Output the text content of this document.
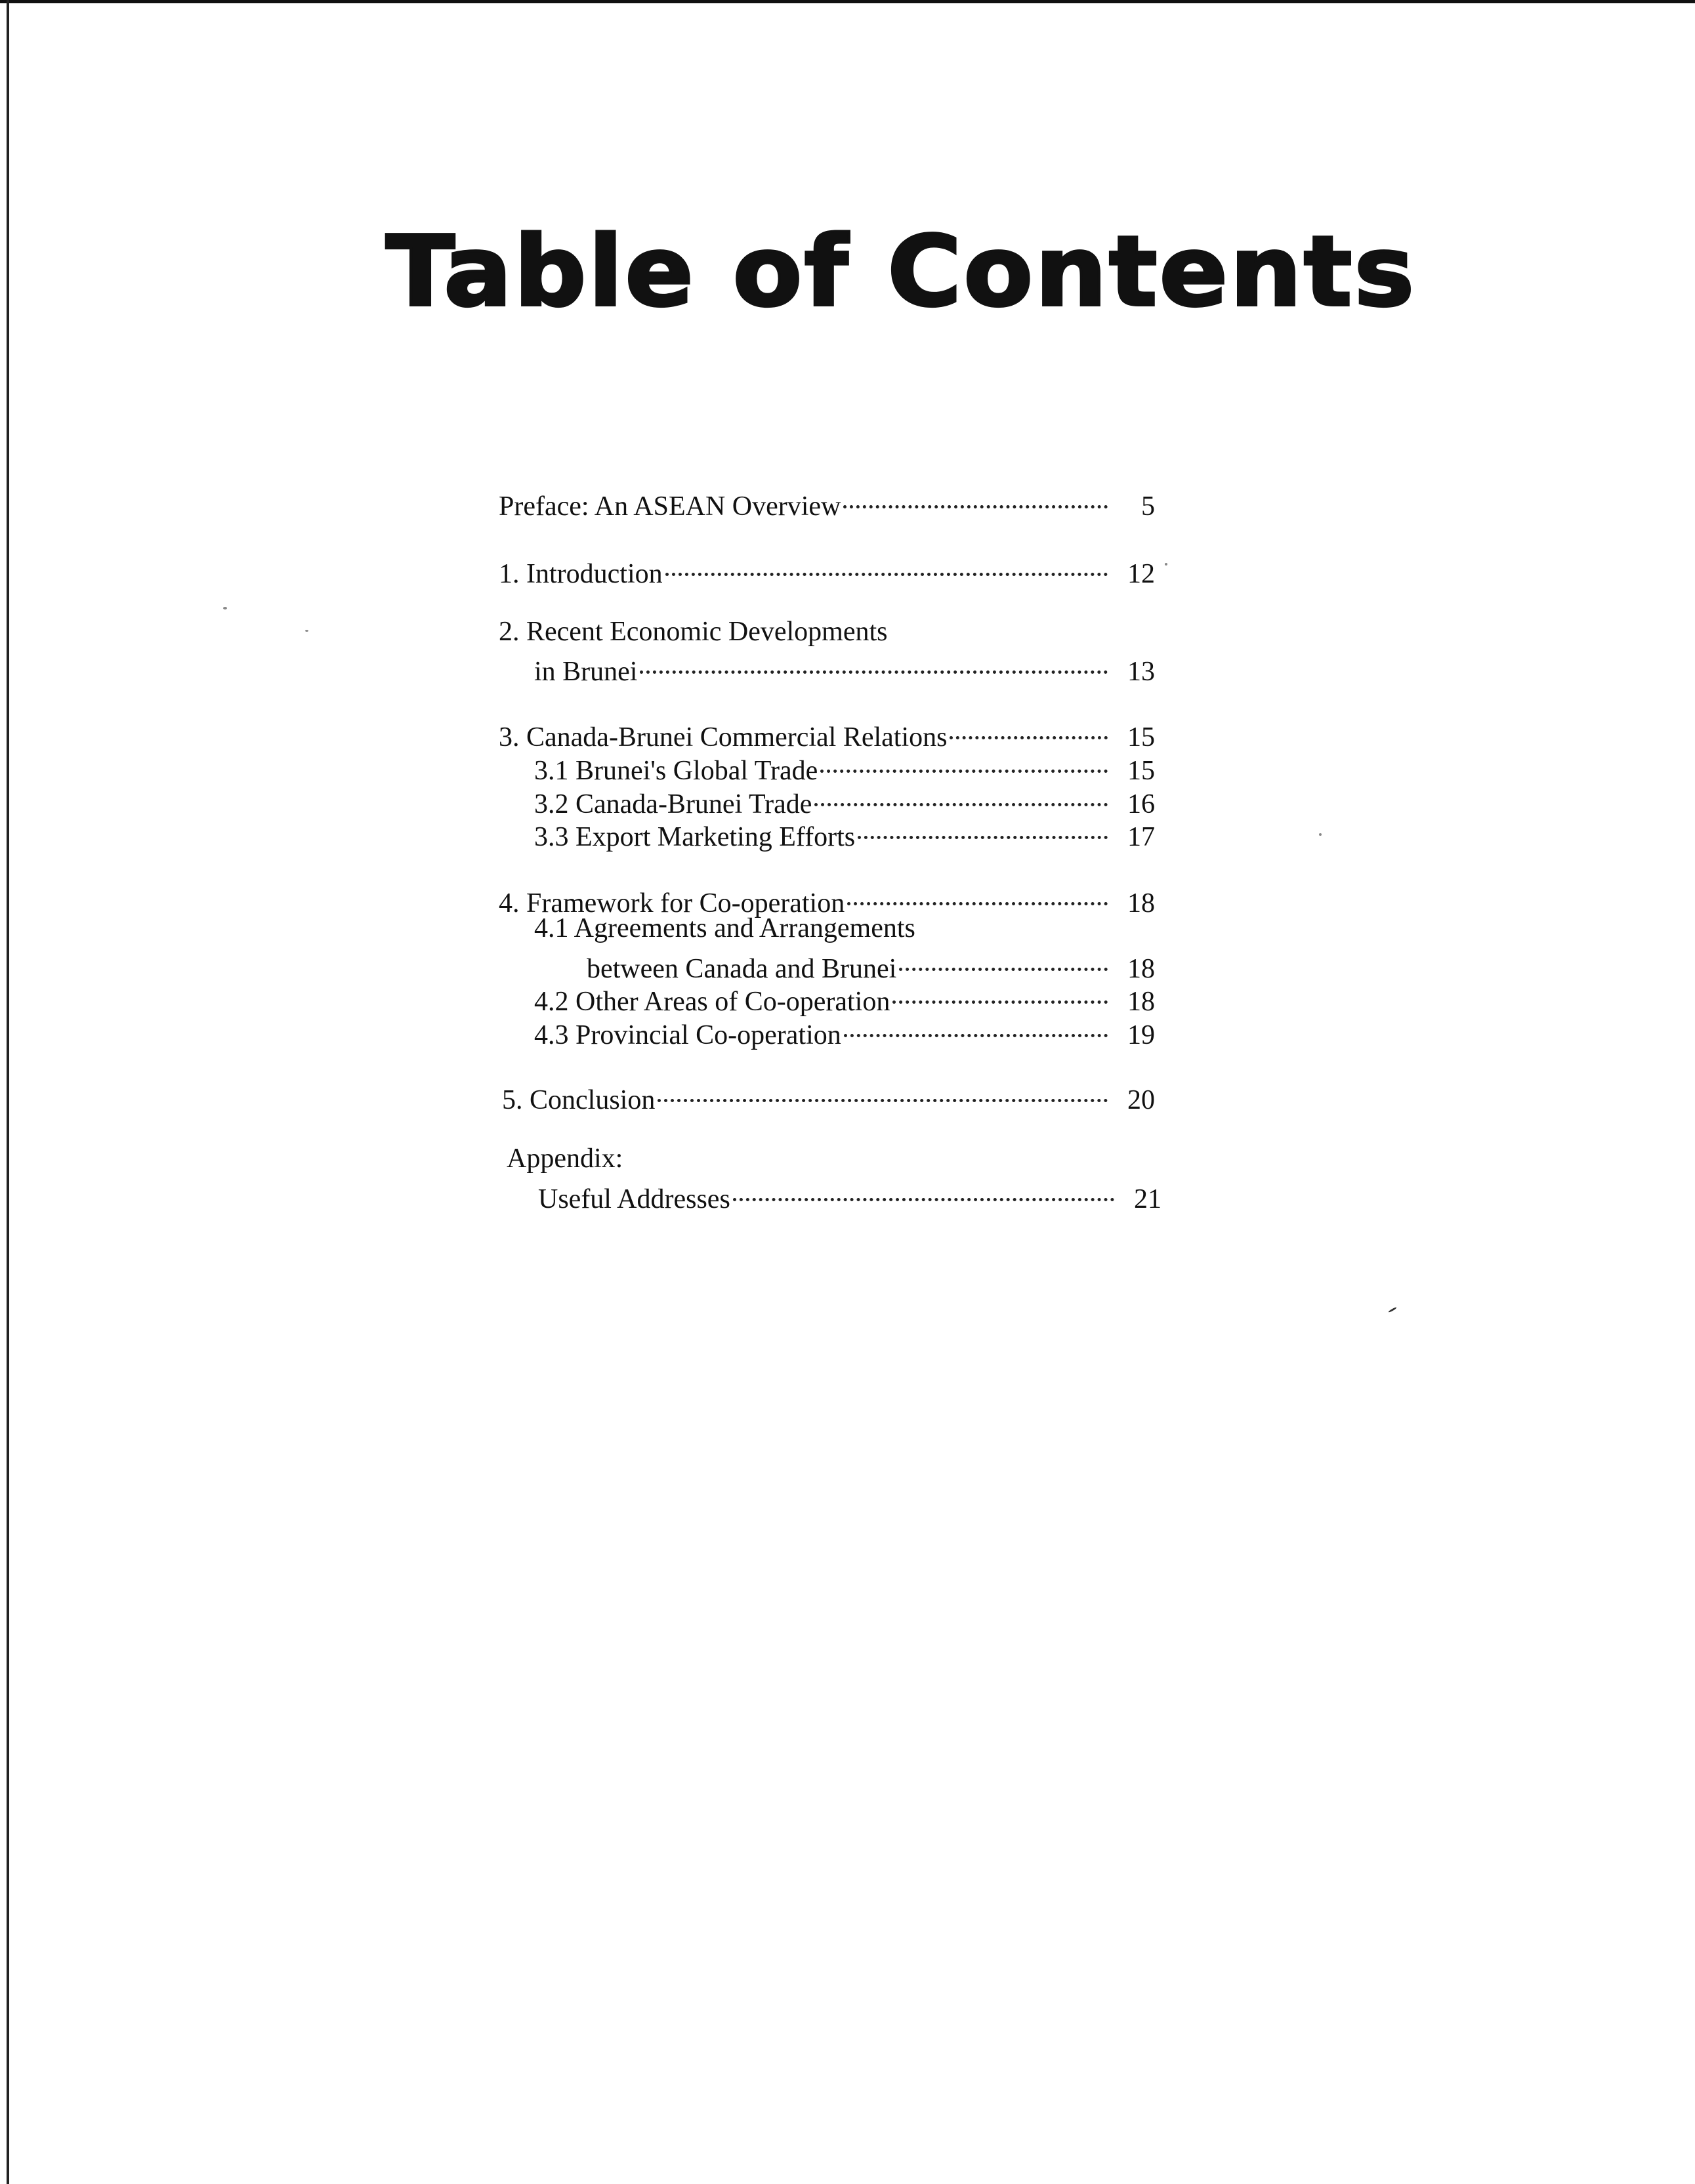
Table of Contents
Preface: An ASEAN Overview	5
1. Introduction	12
2. Recent Economic Developments
in Brunei	13
3. Canada-Brunei Commercial Relations	15
3.1 Brunei's Global Trade	15
3.2 Canada-Brunei Trade	16
3.3 Export Marketing Efforts	17
4. Framework for Co-operation	18
4.1 Agreements and Arrangements
between Canada and Brunei	18
4.2 Other Areas of Co-operation	18
4.3 Provincial Co-operation	19
5. Conclusion	20
Appendix:
Useful Addresses	21
